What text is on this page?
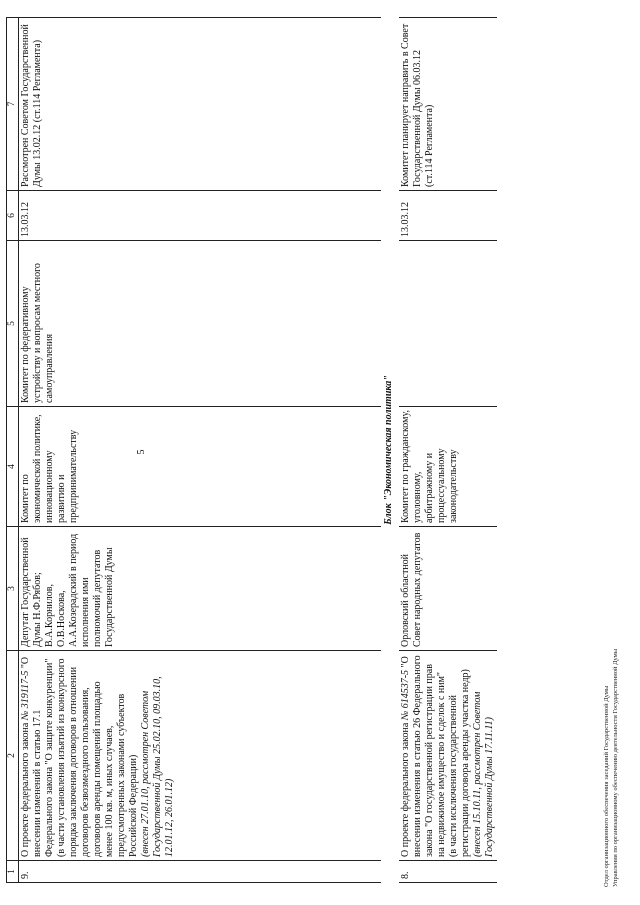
5
1	2	3	4	5	6	7
9.	О проекте федерального закона № 319117-5 "О внесении изменений в статью 17.1 Федерального закона "О защите конкуренции"
(в части установления изъятий из конкурсного порядка заключения договоров в отношении договоров безвозмездного пользования, договоров аренды помещений площадью менее 100 кв. м, иных случаев, предусмотренных законами субъектов Российской Федерации)
(внесен 27.01.10, рассмотрен Советом Государственной Думы 25.02.10, 09.03.10, 12.01.12, 26.01.12)	Депутат Государственной Думы Н.Ф.Рябов; В.А.Корнилов, О.В.Носкова, А.А.Козерадский в период исполнения ими полномочий депутатов Государственной Думы	Комитет по экономической политике, инновационному развитию и предпринимательству	Комитет по федеративному устройству и вопросам местного самоуправления	13.03.12	Рассмотрен Советом Государственной Думы 13.02.12 (ст.114 Регламента)
Блок "Экономическая политика"						
8.	О проекте федерального закона № 614537-5 "О внесении изменения в статью 26 Федерального закона "О государственной регистрации прав на недвижимое имущество и сделок с ним"
(в части исключения государственной регистрации договора аренды участка недр)
(внесен 15.10.11, рассмотрен Советом Государственной Думы 17.11.11)	Орловский областной Совет народных депутатов	Комитет по гражданскому, уголовному, арбитражному и процессуальному законодательству		13.03.12	Комитет планирует направить в Совет Государственной Думы 06.03.12 (ст.114 Регламента)
Отдел организационного обеспечения заседаний Государственной Думы Управления по организационному обеспечению деятельности Государственной Думы
